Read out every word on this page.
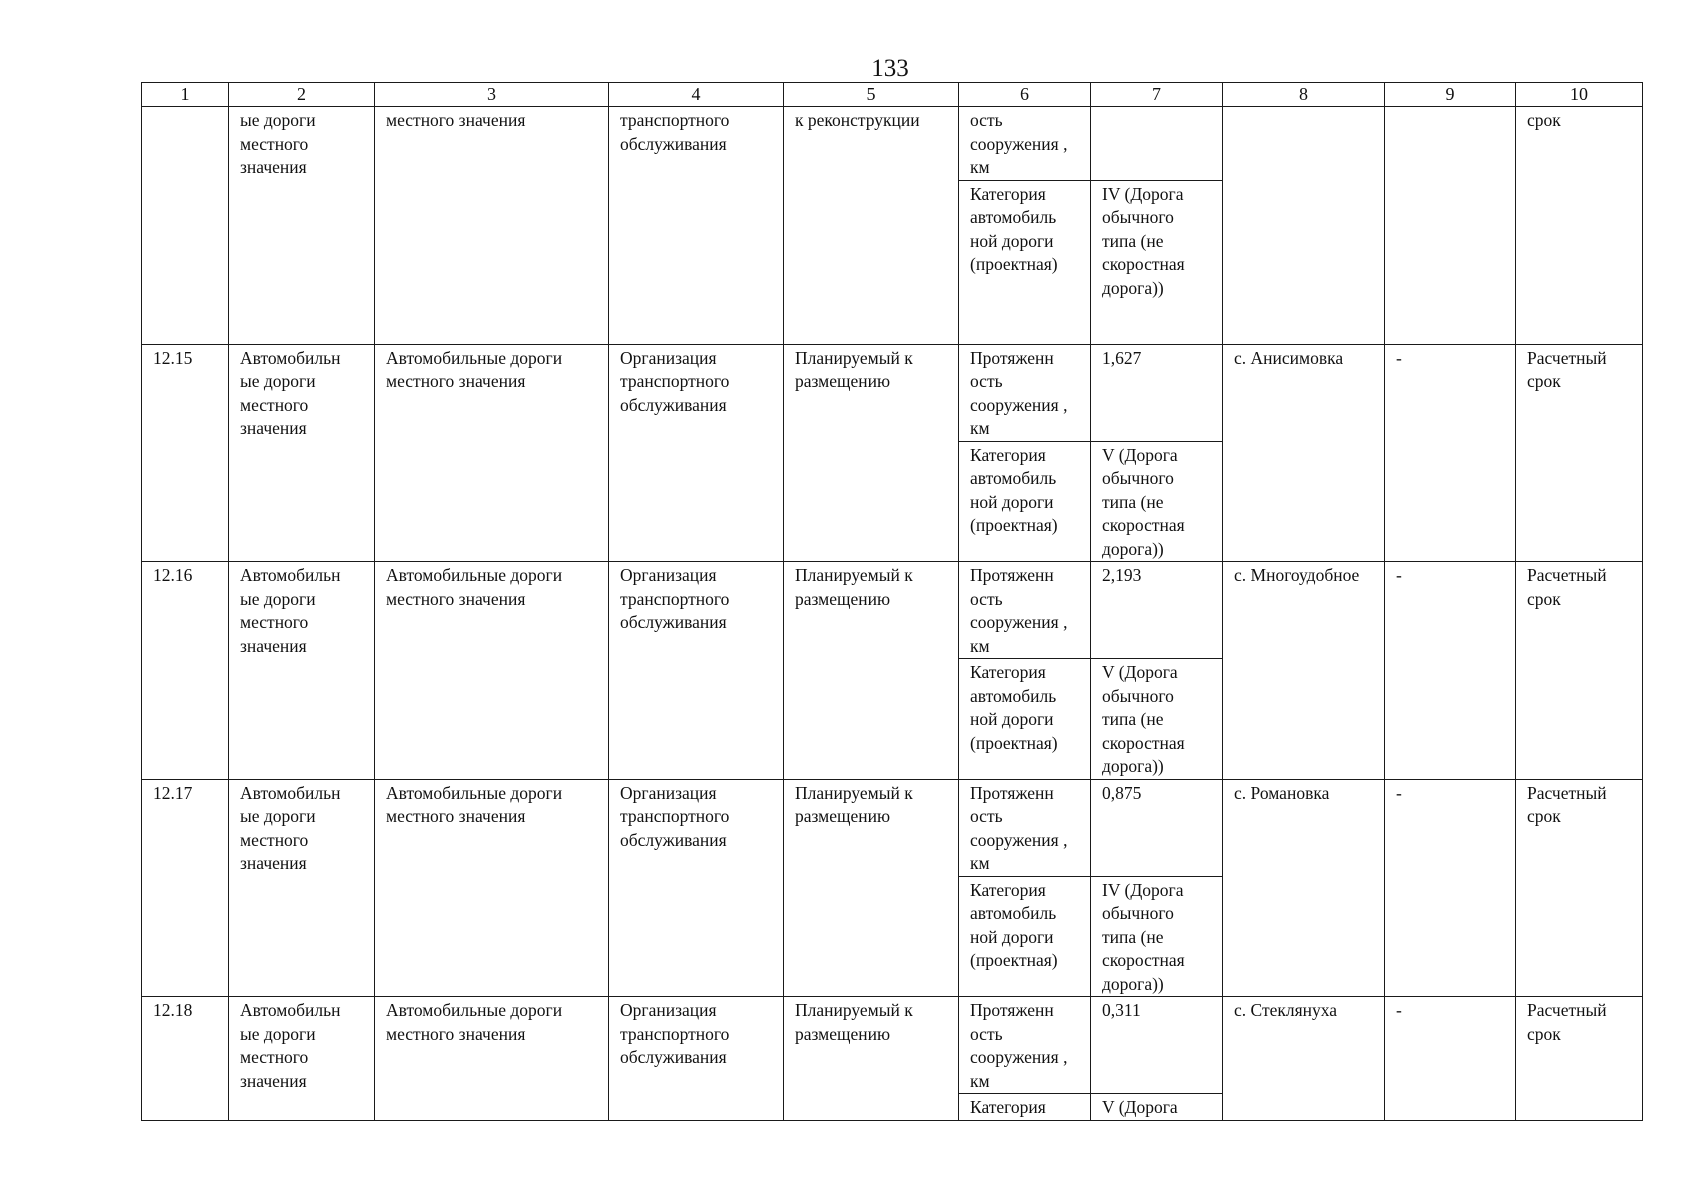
133
1	2	3	4	5	6	7	8	9	10
	ые дороги местного значения	местного значения	транспортного обслуживания	к реконструкции	ость сооружения , км				срок
					Категория автомобиль ной дороги (проектная)	IV (Дорога обычного типа (не скоростная дорога))			
12.15	Автомобильн ые дороги местного значения	Автомобильные дороги местного значения	Организация транспортного обслуживания	Планируемый к размещению	Протяженн ость сооружения , км	1,627	с. Анисимовка	-	Расчетный срок
					Категория автомобиль ной дороги (проектная)	V (Дорога обычного типа (не скоростная дорога))			
12.16	Автомобильн ые дороги местного значения	Автомобильные дороги местного значения	Организация транспортного обслуживания	Планируемый к размещению	Протяженн ость сооружения , км	2,193	с. Многоудобное	-	Расчетный срок
					Категория автомобиль ной дороги (проектная)	V (Дорога обычного типа (не скоростная дорога))			
12.17	Автомобильн ые дороги местного значения	Автомобильные дороги местного значения	Организация транспортного обслуживания	Планируемый к размещению	Протяженн ость сооружения , км	0,875	с. Романовка	-	Расчетный срок
					Категория автомобиль ной дороги (проектная)	IV (Дорога обычного типа (не скоростная дорога))			
12.18	Автомобильн ые дороги местного значения	Автомобильные дороги местного значения	Организация транспортного обслуживания	Планируемый к размещению	Протяженн ость сооружения , км	0,311	с. Стеклянуха	-	Расчетный срок
					Категория	V (Дорога			
